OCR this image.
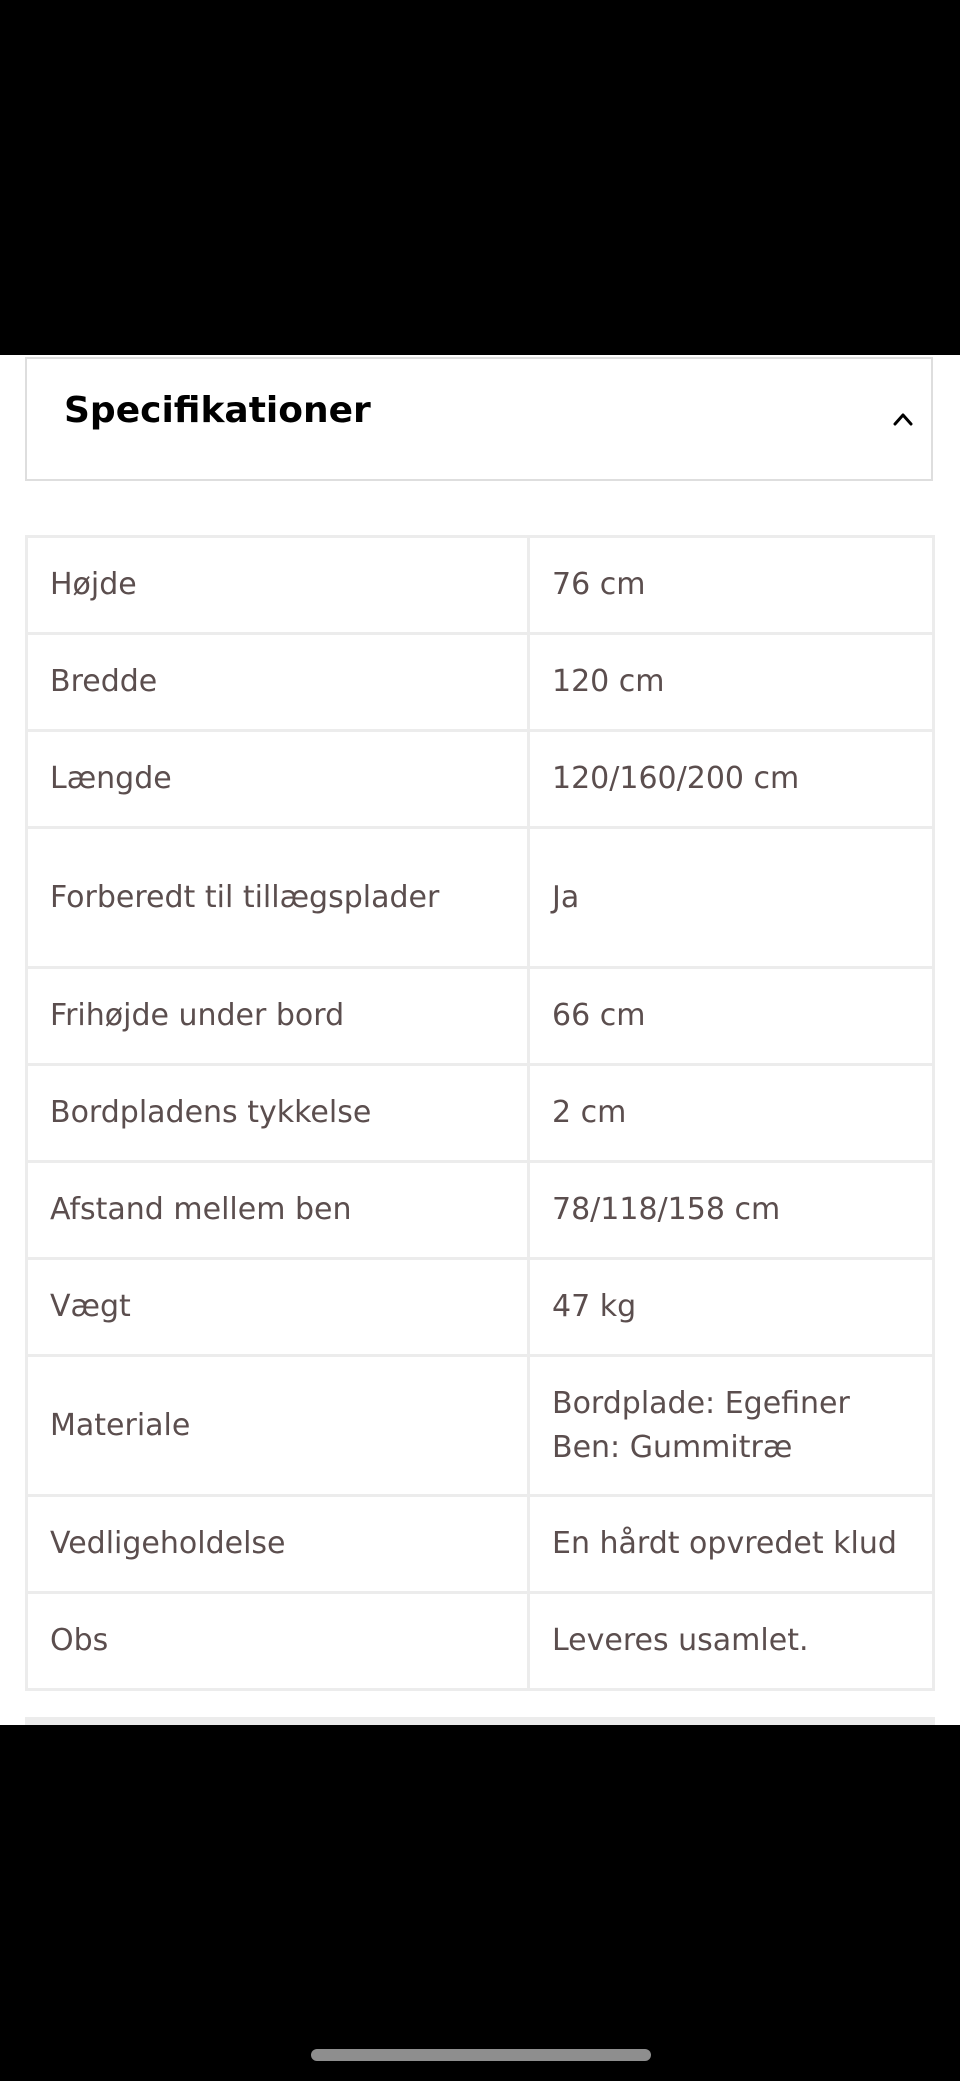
Specifikationer
Højde	76 cm
Bredde	120 cm
Længde	120/160/200 cm
Forberedt til tillægsplader	Ja
Frihøjde under bord	66 cm
Bordpladens tykkelse	2 cm
Afstand mellem ben	78/118/158 cm
Vægt	47 kg
Materiale	Bordplade: Egefiner
Ben: Gummitræ

Vedligeholdelse	En hårdt opvredet klud
Obs	Leveres usamlet.
